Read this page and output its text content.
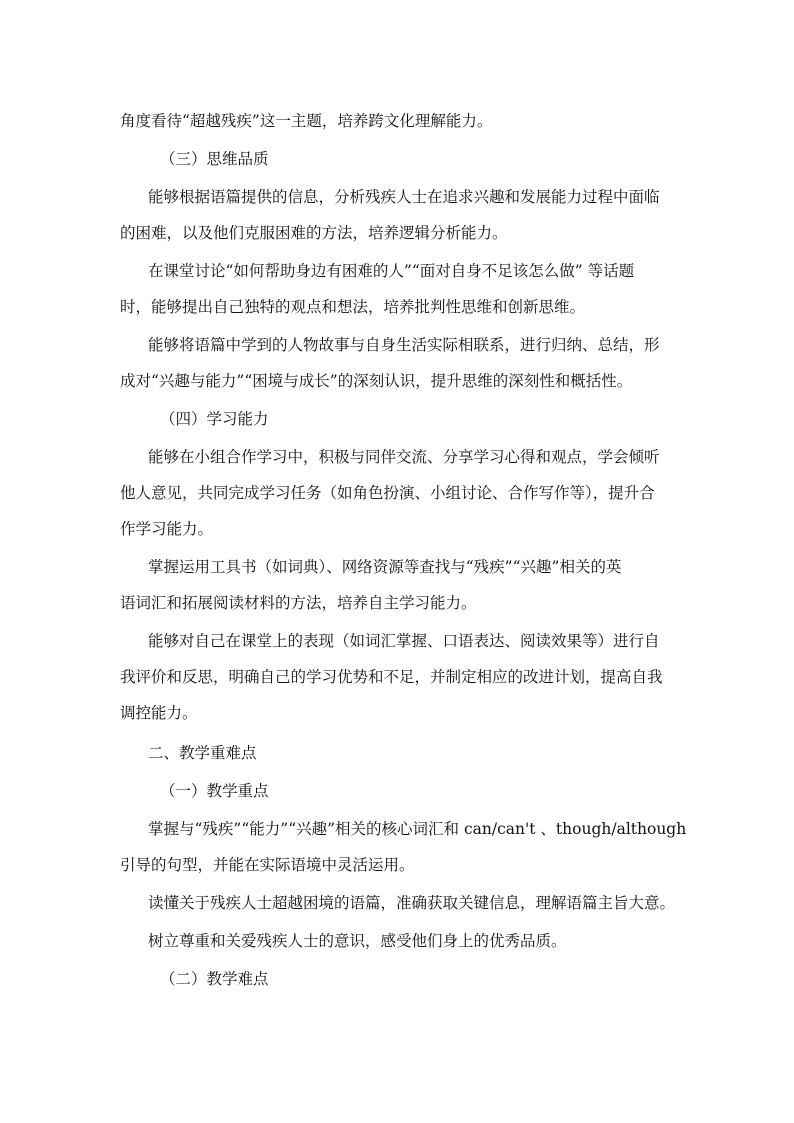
角度看待“超越残疾”这一主题，培养跨文化理解能力。
（三）思维品质
能够根据语篇提供的信息，分析残疾人士在追求兴趣和发展能力过程中面临
的困难，以及他们克服困难的方法，培养逻辑分析能力。
在课堂讨论“如何帮助身边有困难的人”“面对自身不足该怎么做” 等话题
时，能够提出自己独特的观点和想法，培养批判性思维和创新思维。
能够将语篇中学到的人物故事与自身生活实际相联系，进行归纳、总结，形
成对“兴趣与能力”“困境与成长”的深刻认识，提升思维的深刻性和概括性。
（四）学习能力
能够在小组合作学习中，积极与同伴交流、分享学习心得和观点，学会倾听
他人意见，共同完成学习任务（如角色扮演、小组讨论、合作写作等），提升合
作学习能力。
掌握运用工具书（如词典）、网络资源等查找与“残疾”“兴趣”相关的英
语词汇和拓展阅读材料的方法，培养自主学习能力。
能够对自己在课堂上的表现（如词汇掌握、口语表达、阅读效果等）进行自
我评价和反思，明确自己的学习优势和不足，并制定相应的改进计划，提高自我
调控能力。
二、教学重难点
（一）教学重点
掌握与“残疾”“能力”“兴趣”相关的核心词汇和 can/can't 、though/although
引导的句型，并能在实际语境中灵活运用。
读懂关于残疾人士超越困境的语篇，准确获取关键信息，理解语篇主旨大意。
树立尊重和关爱残疾人士的意识，感受他们身上的优秀品质。
（二）教学难点
